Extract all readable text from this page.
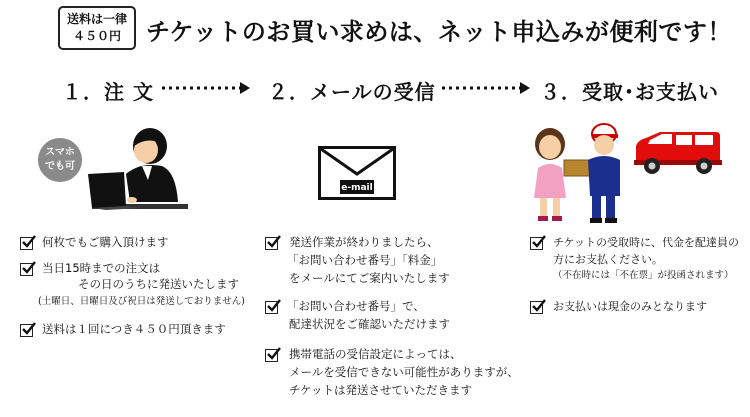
送料は一律
４５０円	チケットのお買い求めは、ネット申込みが便利です！
１．注 文	２．メールの受信	３．受取･お支払い
スマホ
でも可
e-mail
何枚でもご購入頂けます
当日15時までの注文は
その日のうちに発送いたします
(土曜日、日曜日及び祝日は発送しておりません)
送料は１回につき４５０円頂きます
発送作業が終わりましたら、
「お問い合わせ番号」｢料金｣
をメールにてご案内いたします
「お問い合わせ番号」で、
配達状況をご確認いただけます
携帯電話の受信設定によっては、
メールを受信できない可能性がありますが、
チケットは発送させていただきます
チケットの受取時に、代金を配達員の
方にお支払ください。
（不在時には「不在票」が投函されます）
お支払いは現金のみとなります
